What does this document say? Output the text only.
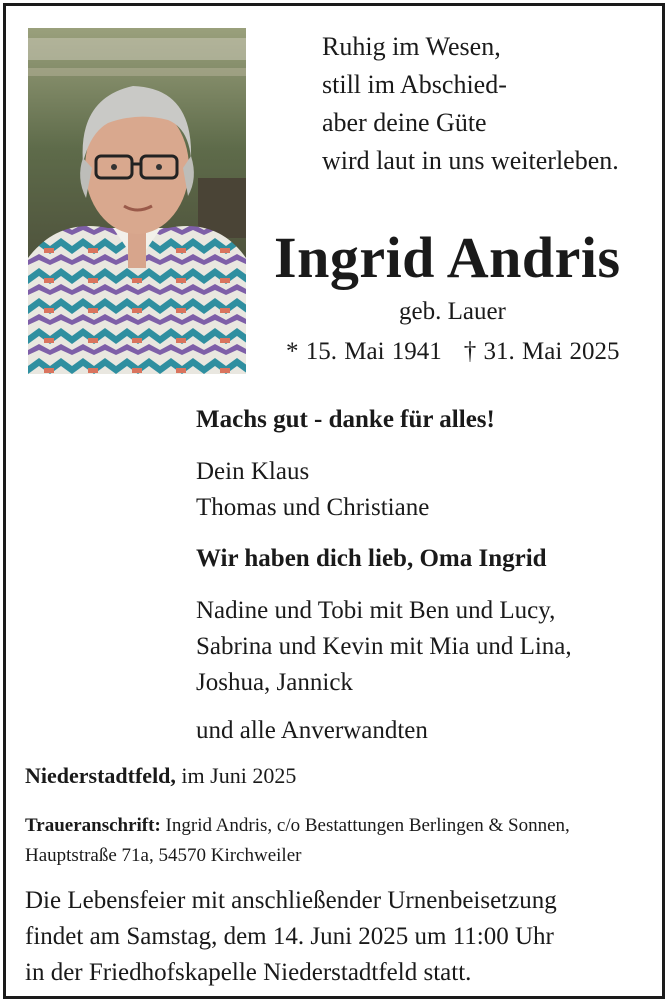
Ruhig im Wesen,
still im Abschied-
aber deine Güte
wird laut in uns weiterleben.
Ingrid Andris
geb. Lauer
* 15. Mai 1941 † 31. Mai 2025
Machs gut - danke für alles!
Dein Klaus
Thomas und Christiane
Wir haben dich lieb, Oma Ingrid
Nadine und Tobi mit Ben und Lucy,
Sabrina und Kevin mit Mia und Lina,
Joshua, Jannick
und alle Anverwandten
Niederstadtfeld, im Juni 2025
Traueranschrift: Ingrid Andris, c/o Bestattungen Berlingen & Sonnen,
Hauptstraße 71a, 54570 Kirchweiler
Die Lebensfeier mit anschließender Urnenbeisetzung
findet am Samstag, dem 14. Juni 2025 um 11:00 Uhr
in der Friedhofskapelle Niederstadtfeld statt.
